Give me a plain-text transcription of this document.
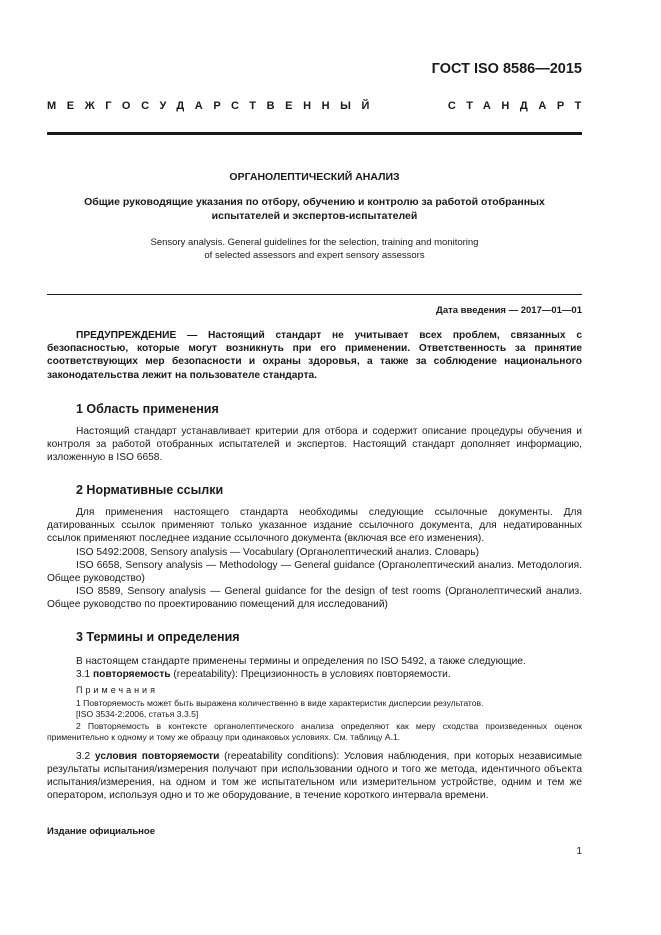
ГОСТ ISO 8586—2015
МЕЖГОСУДАРСТВЕННЫЙ	СТАНДАРТ
ОРГАНОЛЕПТИЧЕСКИЙ АНАЛИЗ
Общие руководящие указания по отбору, обучению и контролю за работой отобранных
испытателей и экспертов-испытателей
Sensory analysis. General guidelines for the selection, training and monitoring
of selected assessors and expert sensory assessors
Дата введения — 2017—01—01

ПРЕДУПРЕЖДЕНИЕ — Настоящий стандарт не учитывает всех проблем, связанных с безопасностью, которые могут возникнуть при его применении. Ответственность за принятие соответствующих мер безопасности и охраны здоровья, а также за соблюдение национального законодательства лежит на пользователе стандарта.

1 Область применения

Настоящий стандарт устанавливает критерии для отбора и содержит описание процедуры обучения и контроля за работой отобранных испытателей и экспертов. Настоящий стандарт дополняет информацию, изложенную в ISO 6658.

2 Нормативные ссылки

Для применения настоящего стандарта необходимы следующие ссылочные документы. Для датированных ссылок применяют только указанное издание ссылочного документа, для недатированных ссылок применяют последнее издание ссылочного документа (включая все его изменения).

ISO 5492:2008, Sensory analysis — Vocabulary (Органолептический анализ. Словарь)

ISO 6658, Sensory analysis — Methodology — General guidance (Органолептический анализ. Методология. Общее руководство)

ISO 8589, Sensory analysis — General guidance for the design of test rooms (Органолептический анализ. Общее руководство по проектированию помещений для исследований)

3 Термины и определения

В настоящем стандарте применены термины и определения по ISO 5492, а также следующие.

3.1 повторяемость (repeatability): Прецизионность в условиях повторяемости.

Примечания

1 Повторяемость может быть выражена количественно в виде характеристик дисперсии результатов.

[ISO 3534-2:2006, статья 3.3.5]

2 Повторяемость в контексте органолептического анализа определяют как меру сходства произведенных оценок применительно к одному и тому же образцу при одинаковых условиях. См. таблицу А.1.

3.2 условия повторяемости (repeatability conditions): Условия наблюдения, при которых независимые результаты испытания/измерения получают при использовании одного и того же метода, идентичного объекта испытания/измерения, на одном и том же испытательном или измерительном устройстве, одним и тем же оператором, используя одно и то же оборудование, в течение короткого интервала времени.

Издание официальное
1
